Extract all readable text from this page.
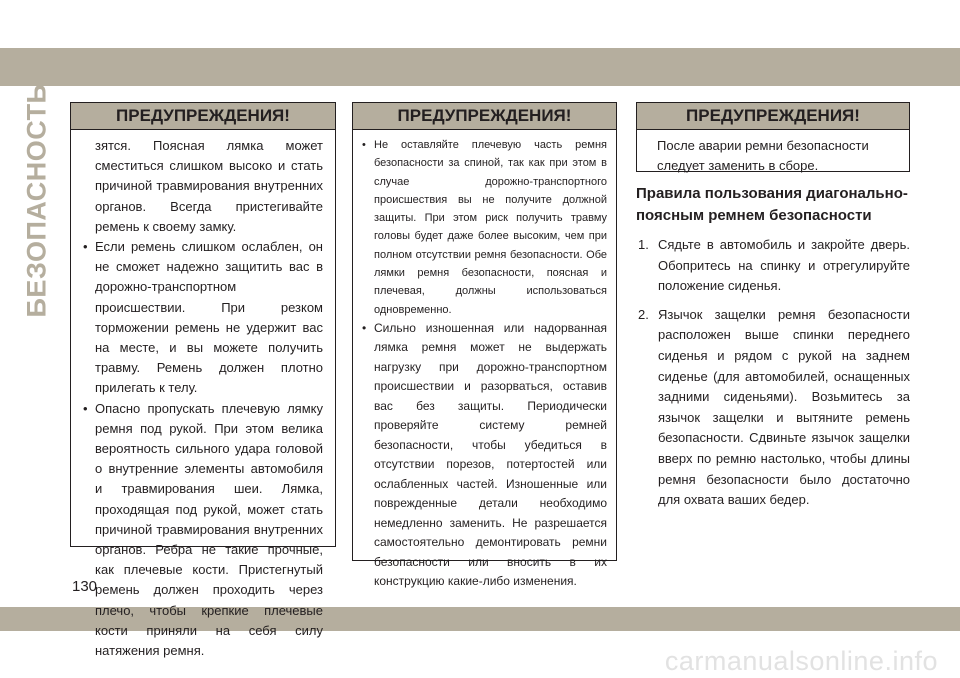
БЕЗОПАСНОСТЬ	ПРЕДУПРЕЖДЕНИЯ!

зятся. Поясная лямка может сместиться слишком высоко и стать причиной травмирования внутренних органов. Всегда пристегивайте ремень к своему замку.

• Если ремень слишком ослаблен, он не сможет надежно защитить вас в дорожно-транспортном происшествии. При резком торможении ремень не удержит вас на месте, и вы можете получить травму. Ремень должен плотно прилегать к телу.

• Опасно пропускать плечевую лямку ремня под рукой. При этом велика вероятность сильного удара головой о внутренние элементы автомобиля и травмирования шеи. Лямка, проходящая под рукой, может стать причиной травмирования внутренних органов. Ребра не такие прочные, как плечевые кости. Пристегнутый ремень должен проходить через плечо, чтобы крепкие плечевые кости приняли на себя силу натяжения ремня.

ПРЕДУПРЕЖДЕНИЯ!

• Не оставляйте плечевую часть ремня безопасности за спиной, так как при этом в случае дорожно-транспортного происшествия вы не получите должной защиты. При этом риск получить травму головы будет даже более высоким, чем при полном отсутствии ремня безопасности. Обе лямки ремня безопасности, поясная и плечевая, должны использоваться одновременно.

• Сильно изношенная или надорванная лямка ремня может не выдержать нагрузку при дорожно-транспортном происшествии и разорваться, оставив вас без защиты. Периодически проверяйте систему ремней безопасности, чтобы убедиться в отсутствии порезов, потертостей или ослабленных частей. Изношенные или поврежденные детали необходимо немедленно заменить. Не разрешается самостоятельно демонтировать ремни безопасности или вносить в их конструкцию какие-либо изменения.

ПРЕДУПРЕЖДЕНИЯ!

После аварии ремни безопасности следует заменить в сборе.

Правила пользования диагонально-поясным ремнем безопасности
1. Сядьте в автомобиль и закройте дверь. Обопритесь на спинку и отрегулируйте положение сиденья.
2. Язычок защелки ремня безопасности расположен выше спинки переднего сиденья и рядом с рукой на заднем сиденье (для автомобилей, оснащенных задними сиденьями). Возьмитесь за язычок защелки и вытяните ремень безопасности. Сдвиньте язычок защелки вверх по ремню настолько, чтобы длины ремня безопасности было достаточно для охвата ваших бедер.
130
carmanualsonline.info
